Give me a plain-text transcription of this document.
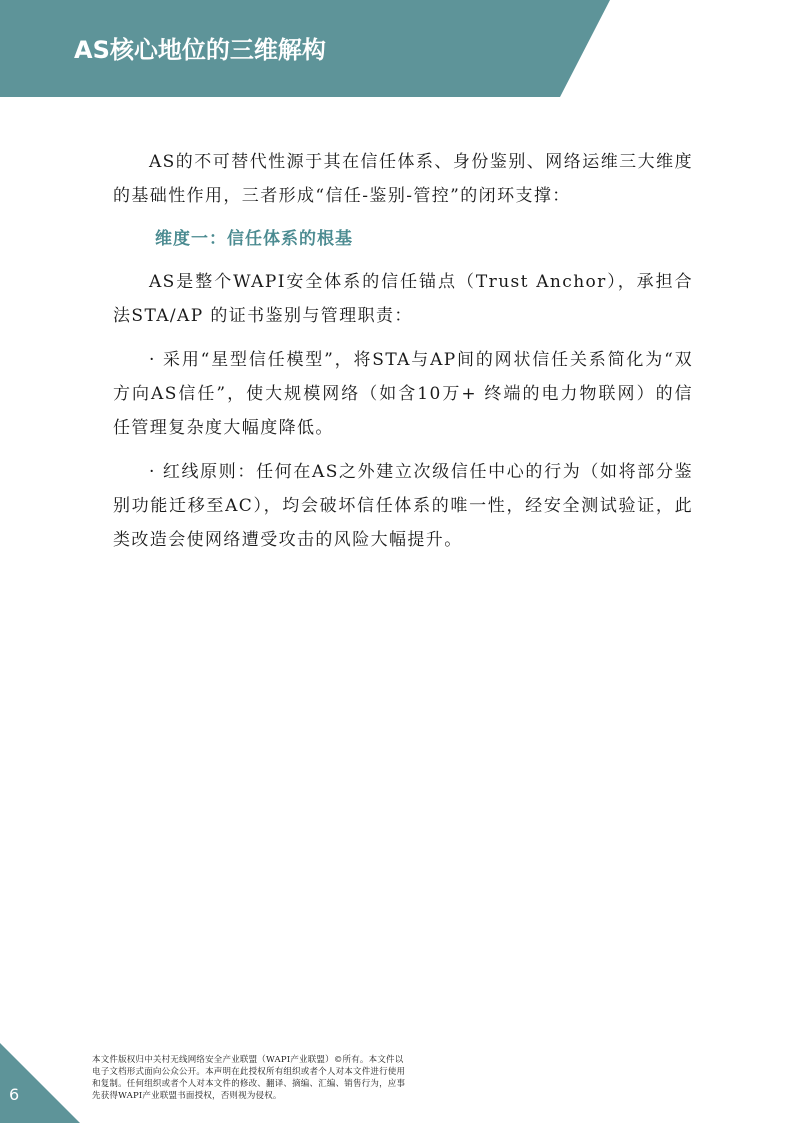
AS核心地位的三维解构

AS的不可替代性源于其在信任体系、身份鉴别、网络运维三大维度的基础性作用，三者形成“信任-鉴别-管控”的闭环支撑：

维度一：信任体系的根基

AS是整个WAPI安全体系的信任锚点（Trust Anchor），承担合法STA/AP 的证书鉴别与管理职责：

· 采用“星型信任模型”，将STA与AP间的网状信任关系简化为“双方向AS信任”，使大规模网络（如含10万+ 终端的电力物联网）的信任管理复杂度大幅度降低。

· 红线原则：任何在AS之外建立次级信任中心的行为（如将部分鉴别功能迁移至AC），均会破坏信任体系的唯一性，经安全测试验证，此类改造会使网络遭受攻击的风险大幅提升。

6
本文件版权归中关村无线网络安全产业联盟（WAPI产业联盟）©所有。本文件以电子文档形式面向公众公开。本声明在此授权所有组织或者个人对本文件进行使用和复制。任何组织或者个人对本文件的修改、翻译、摘编、汇编、销售行为，应事先获得WAPI产业联盟书面授权，否则视为侵权。
